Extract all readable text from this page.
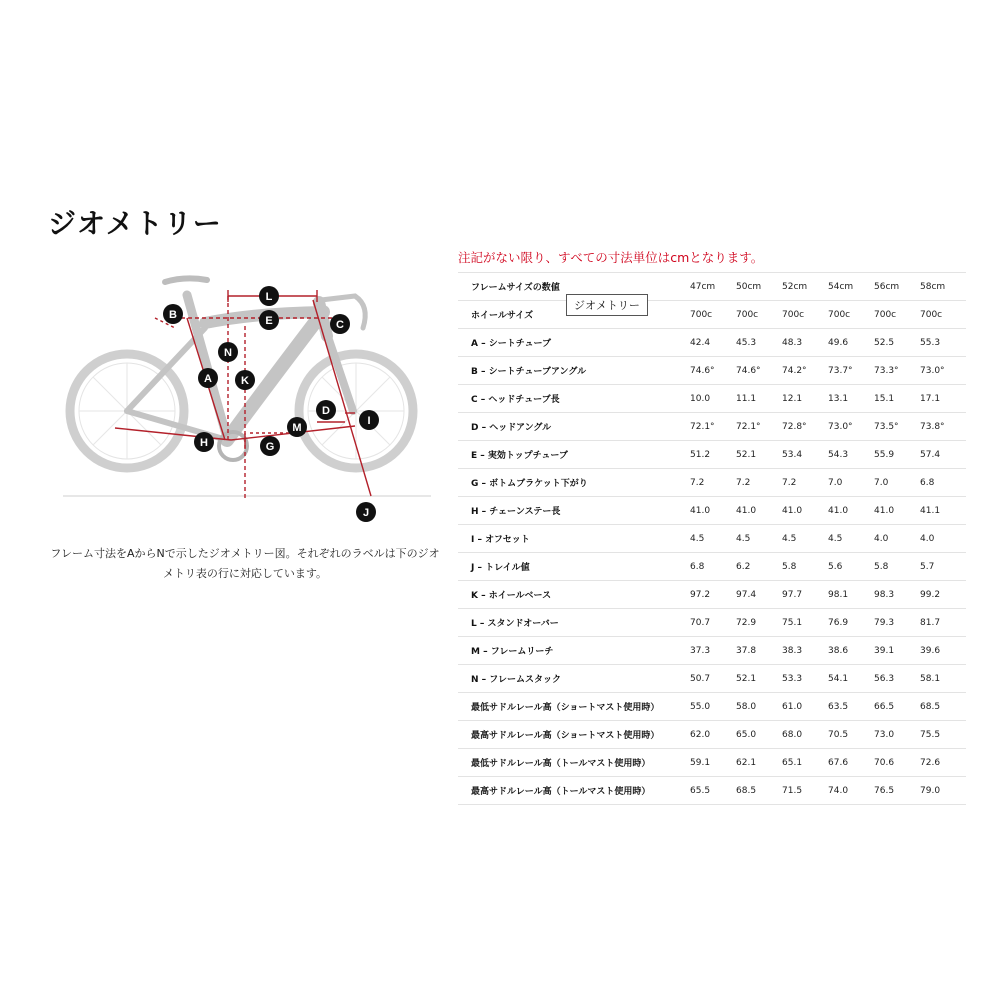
ジオメトリー
注記がない限り、すべての寸法単位はcmとなります。
L
B	E	C
N
A	K
D
I
M
H	G
J
フレーム寸法をAからNで示したジオメトリー図。それぞれのラベルは下のジオメトリ表の行に対応しています。
フレームサイズの数値	47cm	50cm	52cm	54cm	56cm	58cm
ホイールサイズ	700c	700c	700c	700c	700c	700c
A – シートチューブ	42.4	45.3	48.3	49.6	52.5	55.3
B – シートチューブアングル	74.6°	74.6°	74.2°	73.7°	73.3°	73.0°
C – ヘッドチューブ長	10.0	11.1	12.1	13.1	15.1	17.1
D – ヘッドアングル	72.1°	72.1°	72.8°	73.0°	73.5°	73.8°
E – 実効トップチューブ	51.2	52.1	53.4	54.3	55.9	57.4
G – ボトムブラケット下がり	7.2	7.2	7.2	7.0	7.0	6.8
H – チェーンステー長	41.0	41.0	41.0	41.0	41.0	41.1
I – オフセット	4.5	4.5	4.5	4.5	4.0	4.0
J – トレイル値	6.8	6.2	5.8	5.6	5.8	5.7
K – ホイールベース	97.2	97.4	97.7	98.1	98.3	99.2
L – スタンドオーバー	70.7	72.9	75.1	76.9	79.3	81.7
M – フレームリーチ	37.3	37.8	38.3	38.6	39.1	39.6
N – フレームスタック	50.7	52.1	53.3	54.1	56.3	58.1
最低サドルレール高（ショートマスト使用時）	55.0	58.0	61.0	63.5	66.5	68.5
最高サドルレール高（ショートマスト使用時）	62.0	65.0	68.0	70.5	73.0	75.5
最低サドルレール高（トールマスト使用時）	59.1	62.1	65.1	67.6	70.6	72.6
最高サドルレール高（トールマスト使用時）	65.5	68.5	71.5	74.0	76.5	79.0
ジオメトリー
